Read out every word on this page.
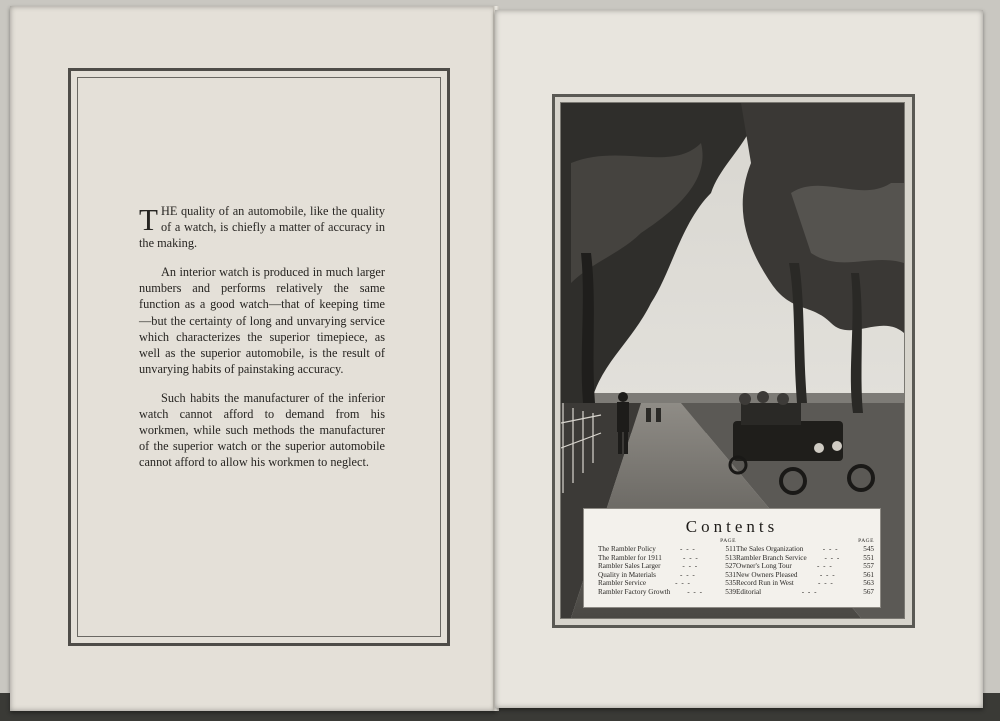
THE quality of an automobile, like the quality of a watch, is chiefly a matter of accuracy in the making.

An interior watch is produced in much larger numbers and performs relatively the same function as a good watch—that of keeping time—but the certainty of long and unvarying service which characterizes the superior timepiece, as well as the superior automobile, is the result of unvarying habits of painstaking accuracy.

Such habits the manufacturer of the inferior watch cannot afford to demand from his workmen, while such methods the manufacturer of the superior watch or the superior automobile cannot afford to allow his workmen to neglect.

Contents
PAGE
The Rambler Policy	- - -	511
The Rambler for 1911	- - -	513
Rambler Sales Larger	- - -	527
Quality in Materials	- - -	531
Rambler Service	- - -	535
Rambler Factory Growth	- - -	539
PAGE
The Sales Organization	- - -	545
Rambler Branch Service	- - -	551
Owner's Long Tour	- - -	557
New Owners Pleased	- - -	561
Record Run in West	- - -	563
Editorial	- - -	567
